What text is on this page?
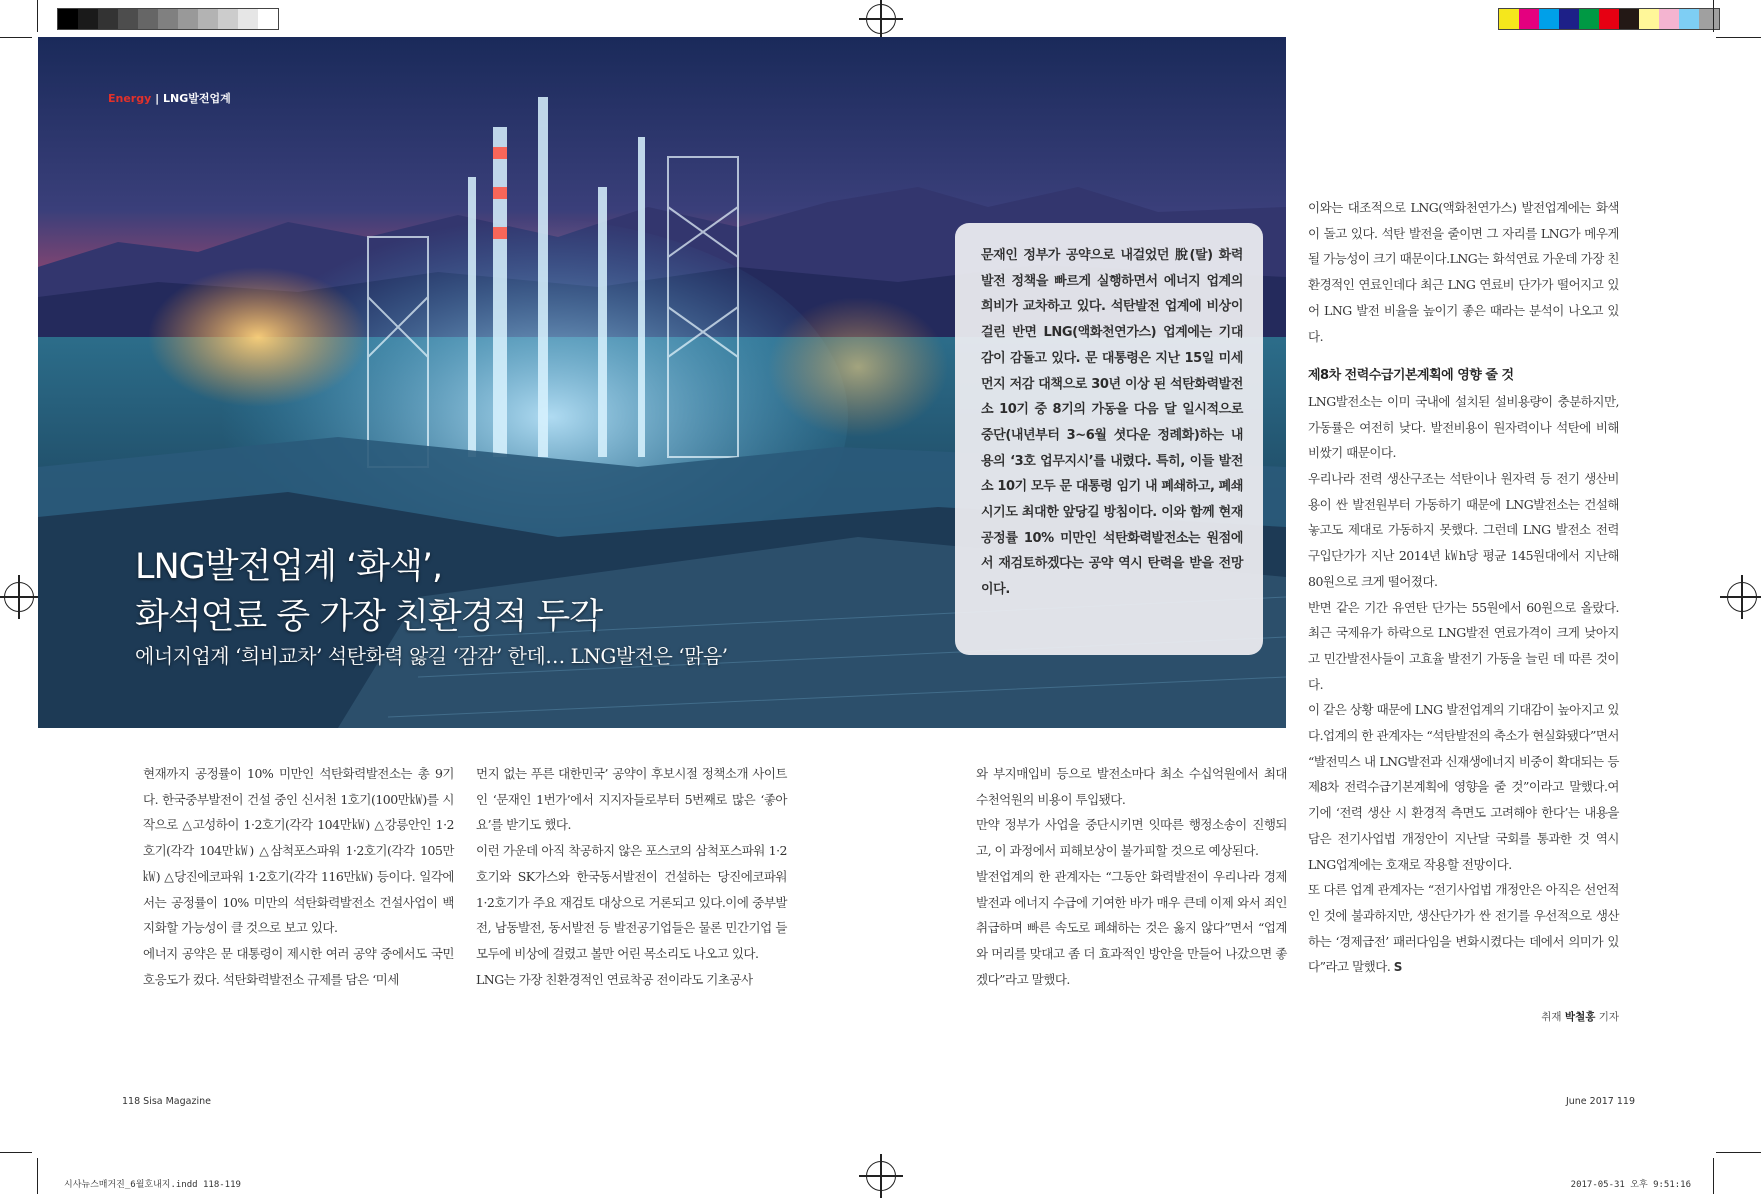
Energy | LNG발전업계
LNG발전업계 ‘화색’,
화석연료 중 가장 친환경적 두각
에너지업계 ‘희비교차’ 석탄화력 앓길 ‘감감’ 한데… LNG발전은 ‘맑음’

문재인 정부가 공약으로 내걸었던 脫(탈) 화력발전 정책을 빠르게 실행하면서 에너지 업계의 희비가 교차하고 있다. 석탄발전 업계에 비상이 걸린 반면 LNG(액화천연가스) 업계에는 기대감이 감돌고 있다. 문 대통령은 지난 15일 미세먼지 저감 대책으로 30년 이상 된 석탄화력발전소 10기 중 8기의 가동을 다음 달 일시적으로 중단(내년부터 3~6월 셧다운 정례화)하는 내용의 ‘3호 업무지시’를 내렸다. 특히, 이들 발전소 10기 모두 문 대통령 임기 내 폐쇄하고, 폐쇄 시기도 최대한 앞당길 방침이다. 이와 함께 현재 공정률 10% 미만인 석탄화력발전소는 원점에서 재검토하겠다는 공약 역시 탄력을 받을 전망이다.

현재까지 공정률이 10% 미만인 석탄화력발전소는 총 9기다. 한국중부발전이 건설 중인 신서천 1호기(100만㎾)를 시작으로 △고성하이 1·2호기(각각 104만㎾) △강릉안인 1·2호기(각각 104만㎾) △삼척포스파워 1·2호기(각각 105만㎾) △당진에코파워 1·2호기(각각 116만㎾) 등이다. 일각에서는 공정률이 10% 미만의 석탄화력발전소 건설사업이 백지화할 가능성이 클 것으로 보고 있다.

에너지 공약은 문 대통령이 제시한 여러 공약 중에서도 국민 호응도가 컸다. 석탄화력발전소 규제를 담은 ‘미세

먼지 없는 푸른 대한민국’ 공약이 후보시절 정책소개 사이트인 ‘문재인 1번가’에서 지지자들로부터 5번째로 많은 ‘좋아요’를 받기도 했다.

이런 가운데 아직 착공하지 않은 포스코의 삼척포스파워 1·2호기와 SK가스와 한국동서발전이 건설하는 당진에코파워 1·2호기가 주요 재검토 대상으로 거론되고 있다.이에 중부발전, 남동발전, 동서발전 등 발전공기업들은 물론 민간기업 들 모두에 비상에 걸렸고 볼만 어린 목소리도 나오고 있다.

LNG는 가장 친환경적인 연료착공 전이라도 기초공사

와 부지매입비 등으로 발전소마다 최소 수십억원에서 최대 수천억원의 비용이 투입됐다.

만약 정부가 사업을 중단시키면 잇따른 행정소송이 진행되고, 이 과정에서 피해보상이 불가피할 것으로 예상된다.

발전업계의 한 관계자는 “그동안 화력발전이 우리나라 경제 발전과 에너지 수급에 기여한 바가 매우 큰데 이제 와서 죄인 취급하며 빠른 속도로 폐쇄하는 것은 옳지 않다”면서 “업계와 머리를 맞대고 좀 더 효과적인 방안을 만들어 나갔으면 좋겠다”라고 말했다.

이와는 대조적으로 LNG(액화천연가스) 발전업계에는 화색이 돌고 있다. 석탄 발전을 줄이면 그 자리를 LNG가 메우게 될 가능성이 크기 때문이다.LNG는 화석연료 가운데 가장 친환경적인 연료인데다 최근 LNG 연료비 단가가 떨어지고 있어 LNG 발전 비율을 높이기 좋은 때라는 분석이 나오고 있다.

제8차 전력수급기본계획에 영향 줄 것

LNG발전소는 이미 국내에 설치된 설비용량이 충분하지만, 가동률은 여전히 낮다. 발전비용이 원자력이나 석탄에 비해 비쌌기 때문이다.

우리나라 전력 생산구조는 석탄이나 원자력 등 전기 생산비용이 싼 발전원부터 가동하기 때문에 LNG발전소는 건설해놓고도 제대로 가동하지 못했다. 그런데 LNG 발전소 전력 구입단가가 지난 2014년 ㎾h당 평균 145원대에서 지난해 80원으로 크게 떨어졌다.

반면 같은 기간 유연탄 단가는 55원에서 60원으로 올랐다.최근 국제유가 하락으로 LNG발전 연료가격이 크게 낮아지고 민간발전사들이 고효율 발전기 가동을 늘린 데 따른 것이다.

이 같은 상황 때문에 LNG 발전업계의 기대감이 높아지고 있다.업계의 한 관계자는 “석탄발전의 축소가 현실화됐다”면서 “발전믹스 내 LNG발전과 신재생에너지 비중이 확대되는 등 제8차 전력수급기본계획에 영향을 줄 것”이라고 말했다.여기에 ‘전력 생산 시 환경적 측면도 고려해야 한다’는 내용을 담은 전기사업법 개정안이 지난달 국회를 통과한 것 역시 LNG업계에는 호재로 작용할 전망이다.

또 다른 업계 관계자는 “전기사업법 개정안은 아직은 선언적인 것에 불과하지만, 생산단가가 싼 전기를 우선적으로 생산하는 ‘경제급전’ 패러다임을 변화시켰다는 데에서 의미가 있다”라고 말했다. S

취재 박철홍 기자
118 Sisa Magazine	June 2017 119
시사뉴스매거진_6월호내지.indd 118-119	2017-05-31 오후 9:51:16
